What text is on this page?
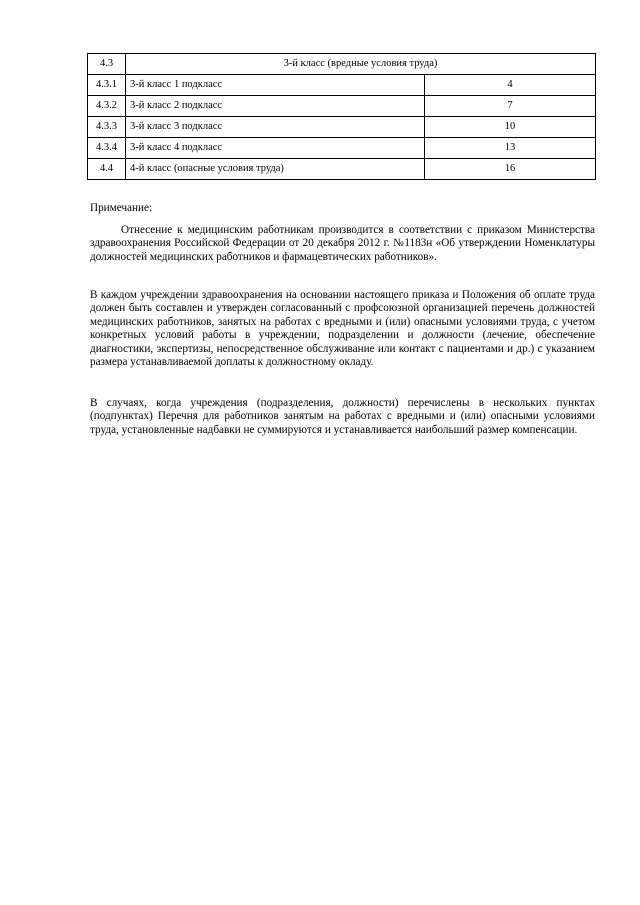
4.3	3-й класс (вредные условия труда)	
4.3.1	3-й класс 1 подкласс	4
4.3.2	3-й класс 2 подкласс	7
4.3.3	3-й класс 3 подкласс	10
4.3.4	3-й класс 4 подкласс	13
4.4	4-й класс (опасные условия труда)	16
Примечание:

Отнесение к медицинским работникам производится в соответствии с приказом Министерства здравоохранения Российской Федерации от 20 декабря 2012 г. №1183н «Об утверждении Номенклатуры должностей медицинских работников и фармацевтических работников».

В каждом учреждении здравоохранения на основании настоящего приказа и Положения об оплате труда должен быть составлен и утвержден согласованный с профсоюзной организацией перечень должностей медицинских работников, занятых на работах с вредными и (или) опасными условиями труда, с учетом конкретных условий работы в учреждении, подразделении и должности (лечение, обеспечение диагностики, экспертизы, непосредственное обслуживание или контакт с пациентами и др.) с указанием размера устанавливаемой доплаты к должностному окладу.

В случаях, когда учреждения (подразделения, должности) перечислены в нескольких пунктах (подпунктах) Перечня для работников занятым на работах с вредными и (или) опасными условиями труда, установленные надбавки не суммируются и устанавливается наибольший размер компенсации.
